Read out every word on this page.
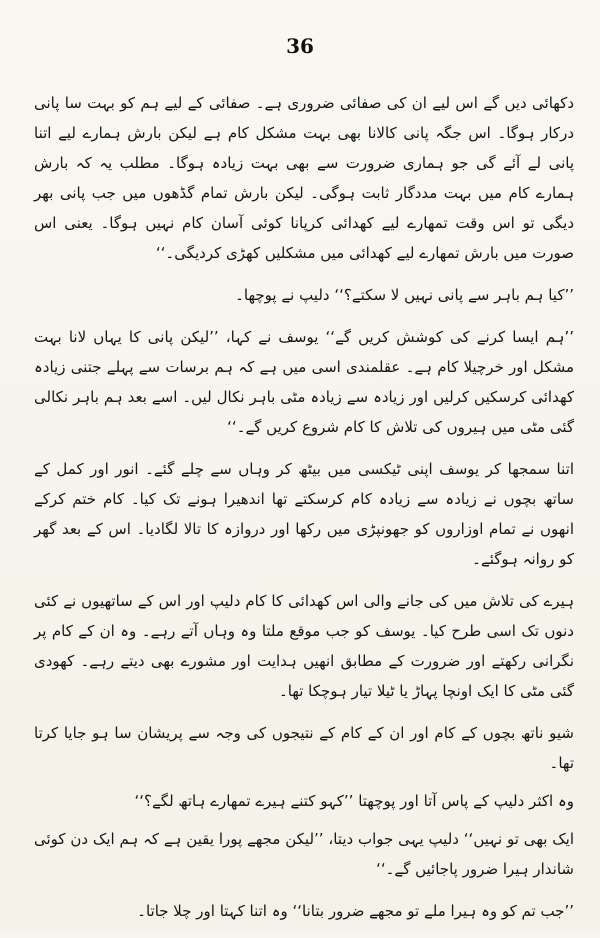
36

دکھائی دیں گے اس لیے ان کی صفائی ضروری ہے۔ صفائی کے لیے ہم کو بہت سا پانی درکار ہوگا۔ اس جگہ پانی کالانا بھی بہت مشکل کام ہے لیکن بارش ہمارے لیے اتنا پانی لے آئے گی جو ہماری ضرورت سے بھی بہت زیادہ ہوگا۔ مطلب یہ کہ بارش ہمارے کام میں بہت مددگار ثابت ہوگی۔ لیکن بارش تمام گڈھوں میں جب پانی بھر دیگی تو اس وقت تمھارے لیے کھدائی کرپانا کوئی آسان کام نہیں ہوگا۔ یعنی اس صورت میں بارش تمھارے لیے کھدائی میں مشکلیں کھڑی کردیگی۔‘‘

’’کیا ہم باہر سے پانی نہیں لا سکتے؟‘‘ دلیپ نے پوچھا۔

’’ہم ایسا کرنے کی کوشش کریں گے‘‘ یوسف نے کہا، ’’لیکن پانی کا یہاں لانا بہت مشکل اور خرچیلا کام ہے۔ عقلمندی اسی میں ہے کہ ہم برسات سے پہلے جتنی زیادہ کھدائی کرسکیں کرلیں اور زیادہ سے زیادہ مٹی باہر نکال لیں۔ اسے بعد ہم باہر نکالی گئی مٹی میں ہیروں کی تلاش کا کام شروع کریں گے۔‘‘

اتنا سمجھا کر یوسف اپنی ٹیکسی میں بیٹھ کر وہاں سے چلے گئے۔ انور اور کمل کے ساتھ بچوں نے زیادہ سے زیادہ کام کرسکتے تھا اندھیرا ہونے تک کیا۔ کام ختم کرکے انھوں نے تمام اوزاروں کو جھونپڑی میں رکھا اور دروازہ کا تالا لگادیا۔ اس کے بعد گھر کو روانہ ہوگئے۔

ہیرے کی تلاش میں کی جانے والی اس کھدائی کا کام دلیپ اور اس کے ساتھیوں نے کئی دنوں تک اسی طرح کیا۔ یوسف کو جب موقع ملتا وہ وہاں آتے رہے۔ وہ ان کے کام پر نگرانی رکھتے اور ضرورت کے مطابق انھیں ہدایت اور مشورے بھی دیتے رہے۔ کھودی گئی مٹی کا ایک اونچا پہاڑ یا ٹیلا تیار ہوچکا تھا۔

شیو ناتھ بچوں کے کام اور ان کے کام کے نتیجوں کی وجہ سے پریشان سا ہو جایا کرتا تھا۔

وہ اکثر دلیپ کے پاس آتا اور پوچھتا ’’کہو کتنے ہیرے تمھارے ہاتھ لگے؟‘‘

ایک بھی تو نہیں‘‘ دلیپ یہی جواب دیتا، ’’لیکن مجھے پورا یقین ہے کہ ہم ایک دن کوئی شاندار ہیرا ضرور پاجائیں گے۔‘‘

’’جب تم کو وہ ہیرا ملے تو مجھے ضرور بتانا‘‘ وہ اتنا کہتا اور چلا جاتا۔
